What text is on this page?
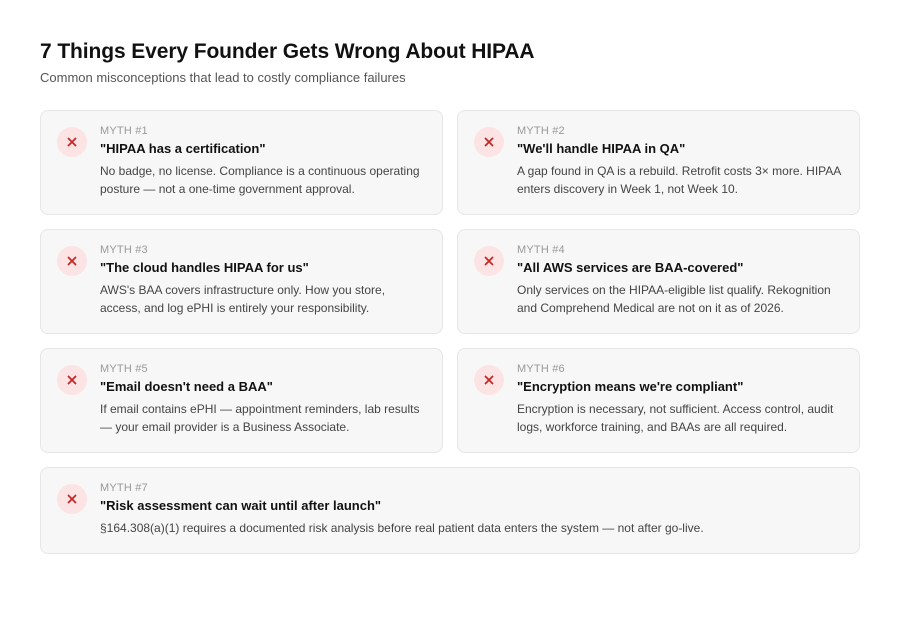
7 Things Every Founder Gets Wrong About HIPAA

Common misconceptions that lead to costly compliance failures

MYTH #1
"HIPAA has a certification"
No badge, no license. Compliance is a continuous operating posture — not a one-time government approval.
MYTH #2
"We'll handle HIPAA in QA"
A gap found in QA is a rebuild. Retrofit costs 3× more. HIPAA enters discovery in Week 1, not Week 10.
MYTH #3
"The cloud handles HIPAA for us"
AWS's BAA covers infrastructure only. How you store, access, and log ePHI is entirely your responsibility.
MYTH #4
"All AWS services are BAA-covered"
Only services on the HIPAA-eligible list qualify. Rekognition and Comprehend Medical are not on it as of 2026.
MYTH #5
"Email doesn't need a BAA"
If email contains ePHI — appointment reminders, lab results — your email provider is a Business Associate.
MYTH #6
"Encryption means we're compliant"
Encryption is necessary, not sufficient. Access control, audit logs, workforce training, and BAAs are all required.
MYTH #7
"Risk assessment can wait until after launch"
§164.308(a)(1) requires a documented risk analysis before real patient data enters the system — not after go-live.
